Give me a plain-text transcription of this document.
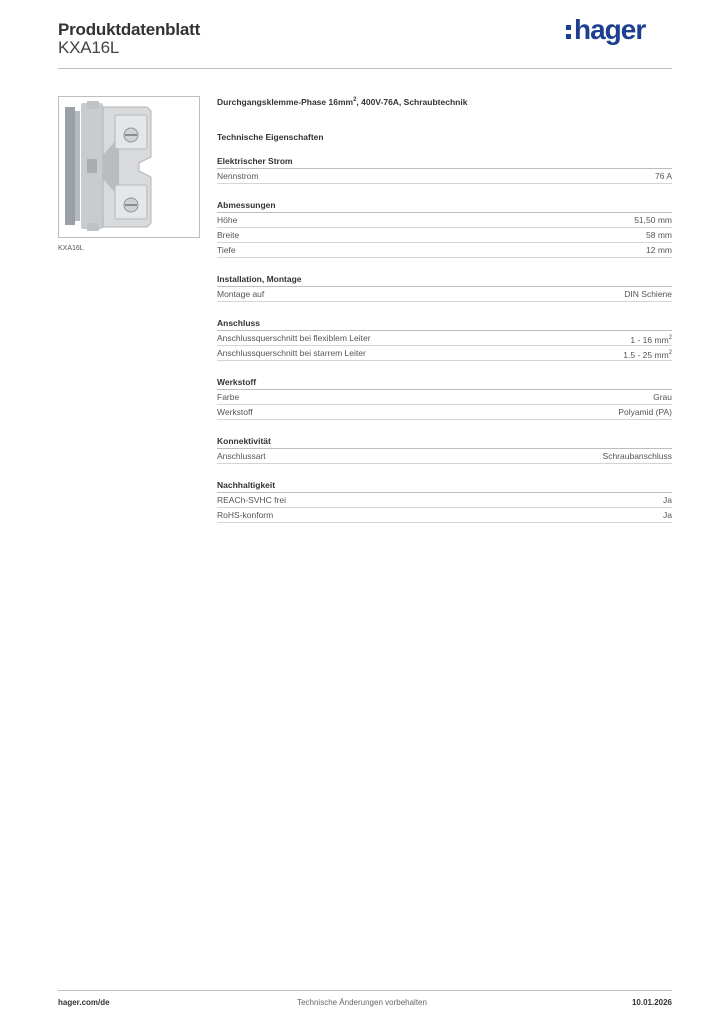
Produktdatenblatt
KXA16L
hager
KXA16L
Durchgangsklemme-Phase $16mm^2$, 400V-76A, Schraubtechnik
Technische Eigenschaften
Elektrischer Strom
Nennstrom	76 A
Abmessungen
Höhe	51,50 mm
Breite	58 mm
Tiefe	12 mm
Installation, Montage
Montage auf	DIN Schiene
Anschluss
Anschlussquerschnitt bei flexiblem Leiter	1 - 16 $mm^2$
Anschlussquerschnitt bei starrem Leiter	1.5 - 25 $mm^2$
Werkstoff
Farbe	Grau
Werkstoff	Polyamid (PA)
Konnektivität
Anschlussart	Schraubanschluss
Nachhaltigkeit
REACh-SVHC frei	Ja
RoHS-konform	Ja
hager.com/de	Technische Änderungen vorbehalten	10.01.2026
